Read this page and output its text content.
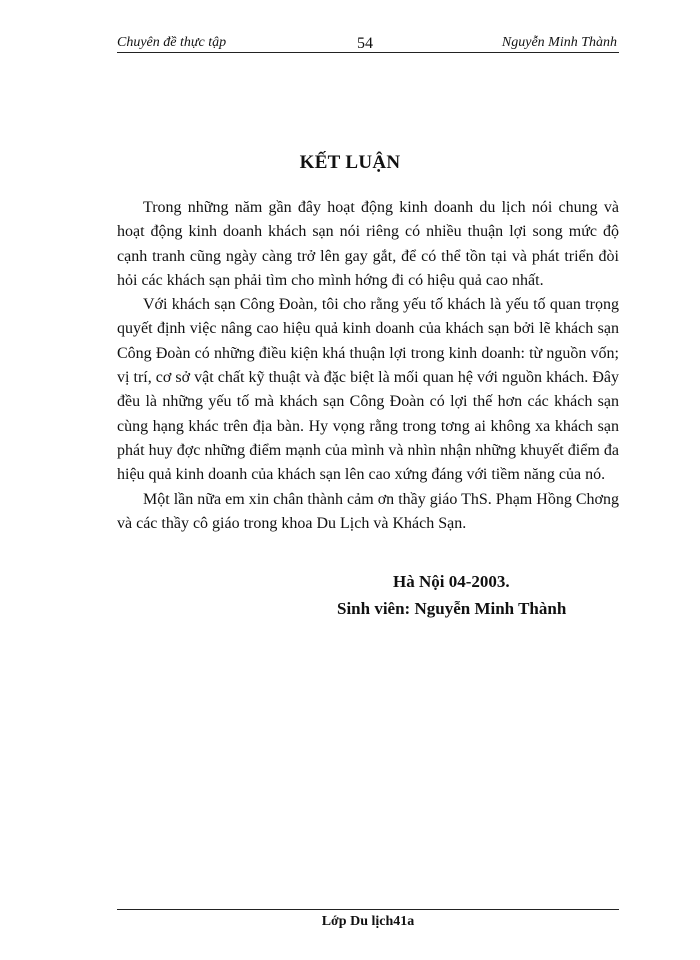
Chuyên đề thực tập	54	Nguyễn Minh Thành
KẾT LUẬN

Trong những năm gần đây hoạt động kinh doanh du lịch nói chung và hoạt động kinh doanh khách sạn nói riêng có nhiều thuận lợi song mức độ cạnh tranh cũng ngày càng trở lên gay gắt, để có thể tồn tại và phát triển đòi hỏi các khách sạn phải tìm cho mình hớng đi có hiệu quả cao nhất.

Với khách sạn Công Đoàn, tôi cho rằng yếu tố khách là yếu tố quan trọng quyết định việc nâng cao hiệu quả kinh doanh của khách sạn bởi lẽ khách sạn Công Đoàn có những điều kiện khá thuận lợi trong kinh doanh: từ nguồn vốn; vị trí, cơ sở vật chất kỹ thuật và đặc biệt là mối quan hệ với nguồn khách. Đây đều là những yếu tố mà khách sạn Công Đoàn có lợi thế hơn các khách sạn cùng hạng khác trên địa bàn. Hy vọng rằng trong tơng ai không xa khách sạn phát huy đợc những điểm mạnh của mình và nhìn nhận những khuyết điểm đa hiệu quả kinh doanh của khách sạn lên cao xứng đáng với tiềm năng của nó.

Một lần nữa em xin chân thành cảm ơn thầy giáo ThS. Phạm Hồng Chơng và các thầy cô giáo trong khoa Du Lịch và Khách Sạn.

Hà Nội 04-2003.
Sinh viên: Nguyễn Minh Thành
Lớp Du lịch41a
